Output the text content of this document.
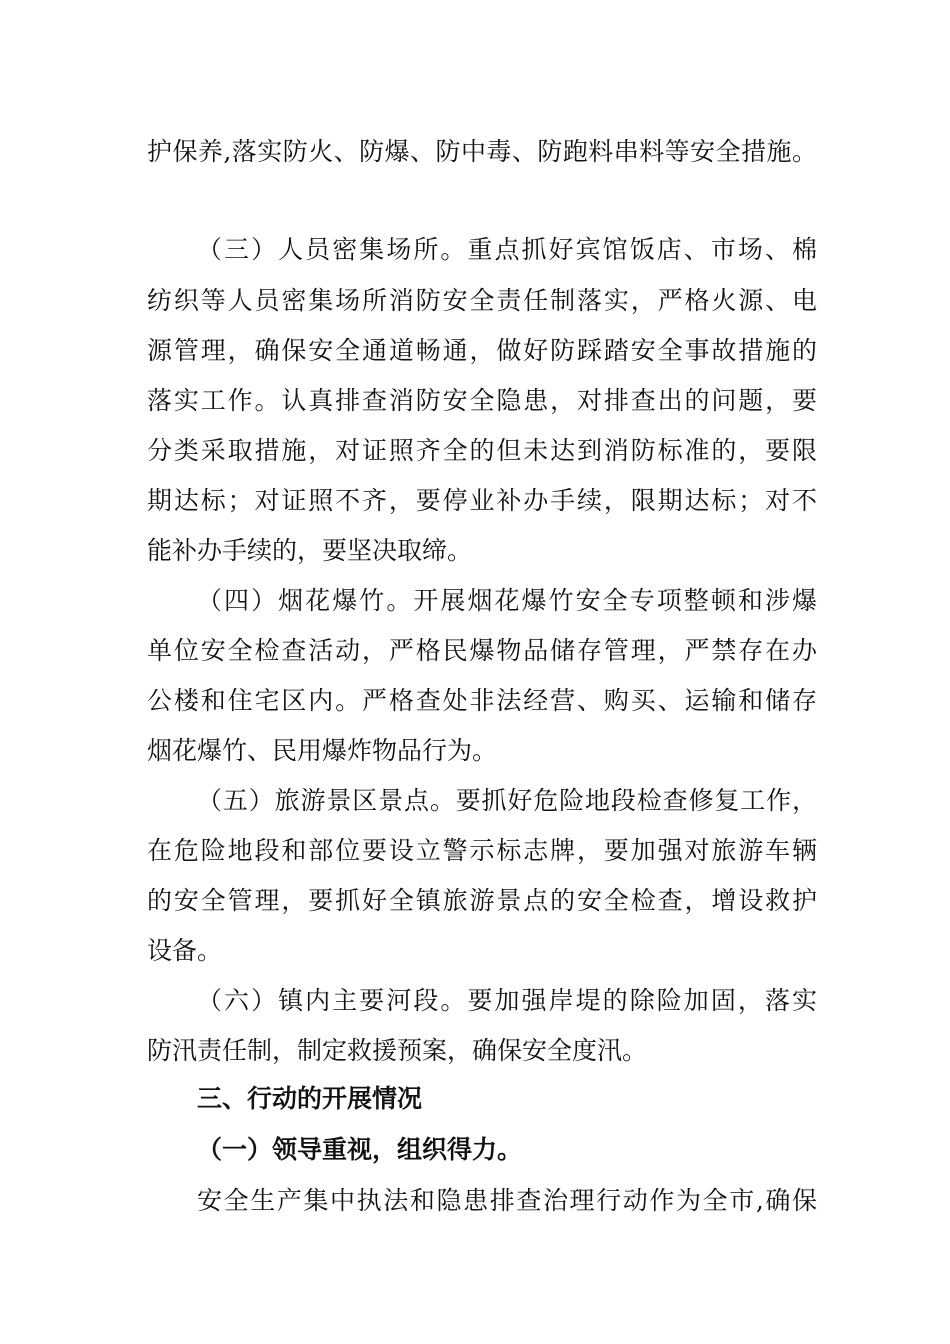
护保养,落实防火、防爆、防中毒、防跑料串料等安全措施。
（三）人员密集场所。重点抓好宾馆饭店、市场、棉
纺织等人员密集场所消防安全责任制落实，严格火源、电
源管理，确保安全通道畅通，做好防踩踏安全事故措施的
落实工作。认真排查消防安全隐患，对排查出的问题，要
分类采取措施，对证照齐全的但未达到消防标准的，要限
期达标；对证照不齐，要停业补办手续，限期达标；对不
能补办手续的，要坚决取缔。
（四）烟花爆竹。开展烟花爆竹安全专项整顿和涉爆
单位安全检查活动，严格民爆物品储存管理，严禁存在办
公楼和住宅区内。严格查处非法经营、购买、运输和储存
烟花爆竹、民用爆炸物品行为。
（五）旅游景区景点。要抓好危险地段检查修复工作，
在危险地段和部位要设立警示标志牌，要加强对旅游车辆
的安全管理，要抓好全镇旅游景点的安全检查，增设救护
设备。
（六）镇内主要河段。要加强岸堤的除险加固，落实
防汛责任制，制定救援预案，确保安全度汛。
三、行动的开展情况
（一）领导重视，组织得力。
安全生产集中执法和隐患排查治理行动作为全市,确保
